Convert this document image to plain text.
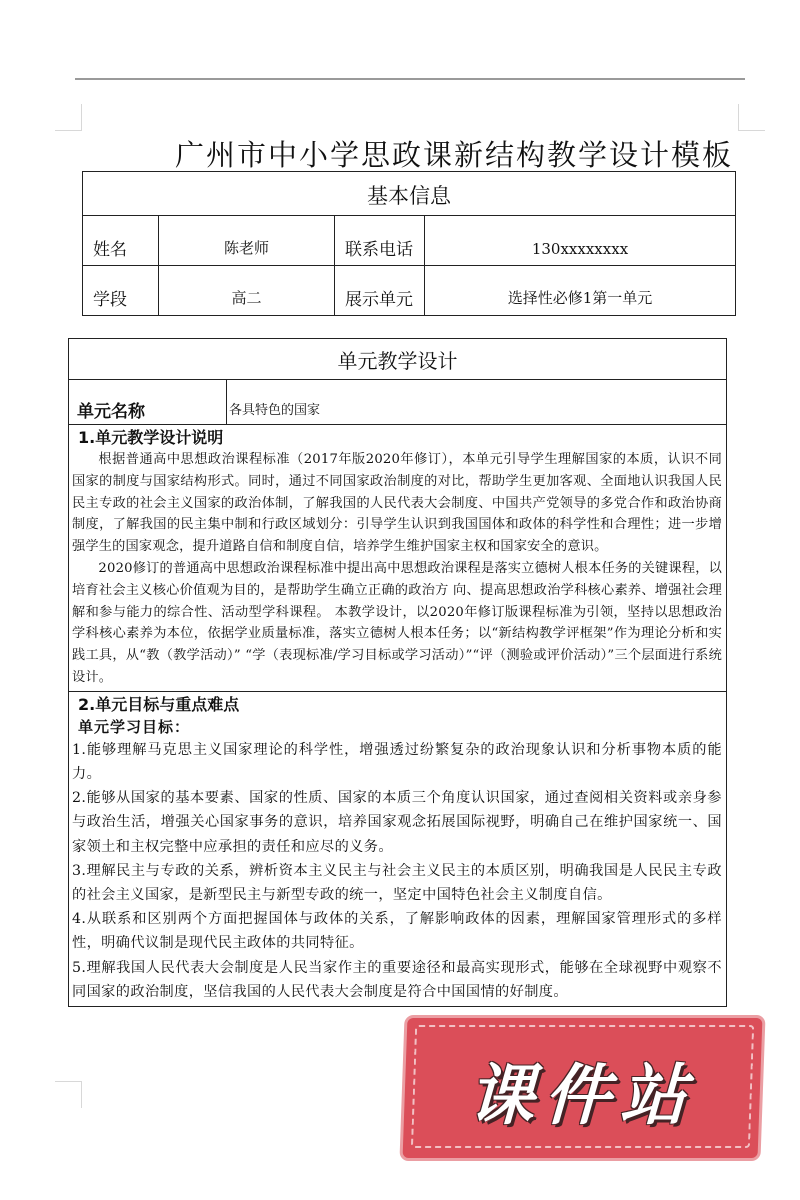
广州市中小学思政课新结构教学设计模板
基本信息			
姓名	陈老师	联系电话	130xxxxxxxx
学段	高二	展示单元	选择性必修1第一单元
单元教学设计
单元名称	各具特色的国家

1.单元教学设计说明

根据普通高中思想政治课程标准（2017年版2020年修订），本单元引导学生理解国家的本质，认识不同国家的制度与国家结构形式。同时，通过不同国家政治制度的对比，帮助学生更加客观、全面地认识我国人民民主专政的社会主义国家的政治体制，了解我国的人民代表大会制度、中国共产党领导的多党合作和政治协商制度，了解我国的民主集中制和行政区域划分：引导学生认识到我国国体和政体的科学性和合理性；进一步增强学生的国家观念，提升道路自信和制度自信，培养学生维护国家主权和国家安全的意识。

2020修订的普通高中思想政治课程标准中提出高中思想政治课程是落实立德树人根本任务的关键课程，以培育社会主义核心价值观为目的，是帮助学生确立正确的政治方 向、提高思想政治学科核心素养、增强社会理解和参与能力的综合性、活动型学科课程。 本教学设计，以2020年修订版课程标准为引领，坚持以思想政治学科核心素养为本位，依据学业质量标准，落实立德树人根本任务；以“新结构教学评框架”作为理论分析和实践工具，从“教（教学活动）” “学（表现标准/学习目标或学习活动）”“评（测验或评价活动）”三个层面进行系统设计。

2.单元目标与重点难点
单元学习目标：

1.能够理解马克思主义国家理论的科学性，增强透过纷繁复杂的政治现象认识和分析事物本质的能力。

2.能够从国家的基本要素、国家的性质、国家的本质三个角度认识国家，通过查阅相关资料或亲身参与政治生活，增强关心国家事务的意识，培养国家观念拓展国际视野，明确自己在维护国家统一、国家领土和主权完整中应承担的责任和应尽的义务。

3.理解民主与专政的关系，辨析资本主义民主与社会主义民主的本质区别，明确我国是人民民主专政的社会主义国家，是新型民主与新型专政的统一，坚定中国特色社会主义制度自信。

4.从联系和区别两个方面把握国体与政体的关系，了解影响政体的因素，理解国家管理形式的多样性，明确代议制是现代民主政体的共同特征。

5.理解我国人民代表大会制度是人民当家作主的重要途径和最高实现形式，能够在全球视野中观察不同国家的政治制度，坚信我国的人民代表大会制度是符合中国国情的好制度。

课件站
